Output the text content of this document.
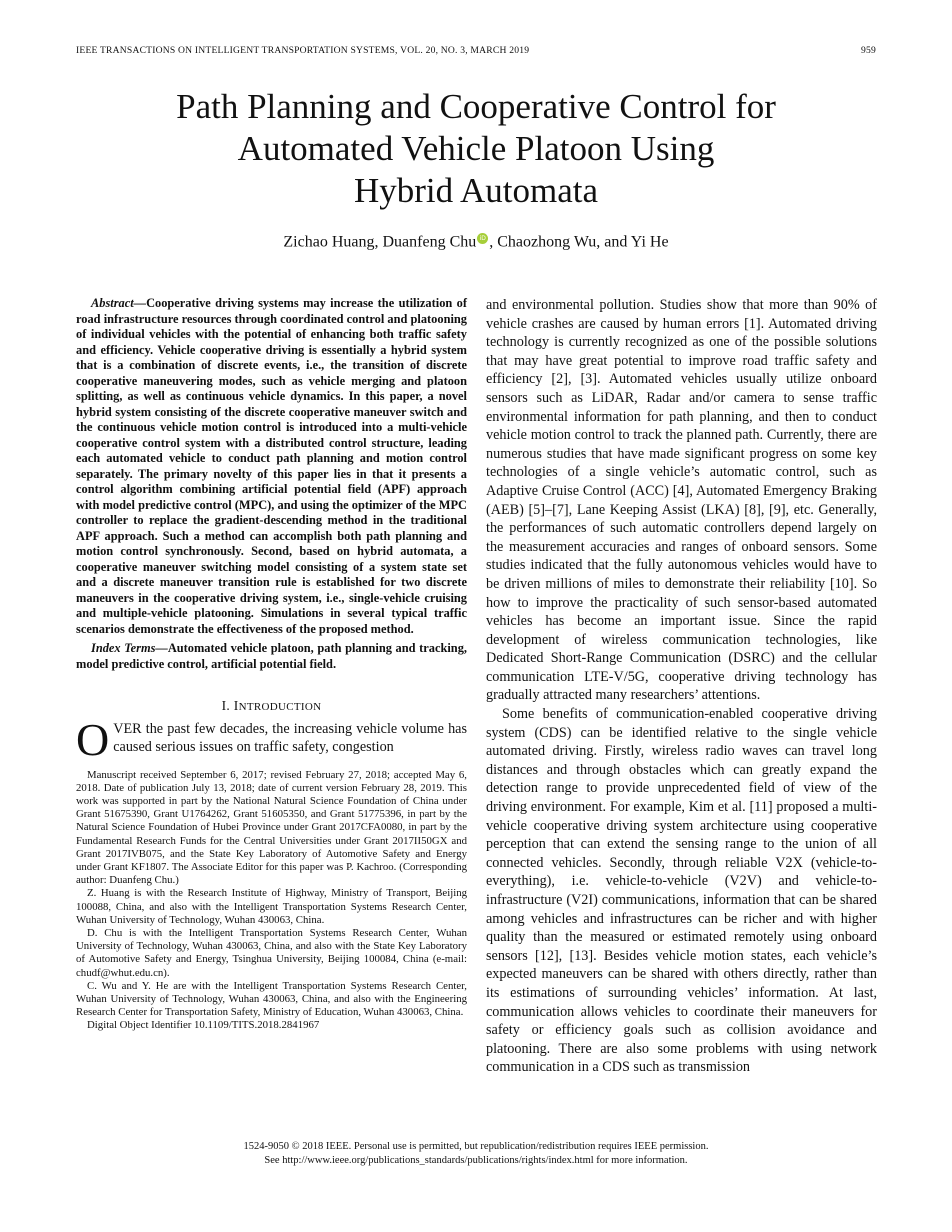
IEEE TRANSACTIONS ON INTELLIGENT TRANSPORTATION SYSTEMS, VOL. 20, NO. 3, MARCH 2019	959
Path Planning and Cooperative Control for
Automated Vehicle Platoon Using
Hybrid Automata
Zichao Huang, Duanfeng Chu iD , Chaozhong Wu, and Yi He

Abstract—Cooperative driving systems may increase the utilization of road infrastructure resources through coordinated control and platooning of individual vehicles with the potential of enhancing both traffic safety and efficiency. Vehicle cooperative driving is essentially a hybrid system that is a combination of discrete events, i.e., the transition of discrete cooperative maneuvering modes, such as vehicle merging and platoon splitting, as well as continuous vehicle dynamics. In this paper, a novel hybrid system consisting of the discrete cooperative maneuver switch and the continuous vehicle motion control is introduced into a multi-vehicle cooperative control system with a distributed control structure, leading each automated vehicle to conduct path planning and motion control separately. The primary novelty of this paper lies in that it presents a control algorithm combining artificial potential field (APF) approach with model predictive control (MPC), and using the optimizer of the MPC controller to replace the gradient-descending method in the traditional APF approach. Such a method can accomplish both path planning and motion control synchronously. Second, based on hybrid automata, a cooperative maneuver switching model consisting of a system state set and a discrete maneuver transition rule is established for two discrete maneuvers in the cooperative driving system, i.e., single-vehicle cruising and multiple-vehicle platooning. Simulations in several typical traffic scenarios demonstrate the effectiveness of the proposed method.

Index Terms—Automated vehicle platoon, path planning and tracking, model predictive control, artificial potential field.

I. INTRODUCTION

OVER the past few decades, the increasing vehicle volume has caused serious issues on traffic safety, congestion

Manuscript received September 6, 2017; revised February 27, 2018; accepted May 6, 2018. Date of publication July 13, 2018; date of current version February 28, 2019. This work was supported in part by the National Natural Science Foundation of China under Grant 51675390, Grant U1764262, Grant 51605350, and Grant 51775396, in part by the Natural Science Foundation of Hubei Province under Grant 2017CFA0080, in part by the Fundamental Research Funds for the Central Universities under Grant 2017II50GX and Grant 2017IVB075, and the State Key Laboratory of Automotive Safety and Energy under Grant KF1807. The Associate Editor for this paper was P. Kachroo. (Corresponding author: Duanfeng Chu.)

Z. Huang is with the Research Institute of Highway, Ministry of Transport, Beijing 100088, China, and also with the Intelligent Transportation Systems Research Center, Wuhan University of Technology, Wuhan 430063, China.

D. Chu is with the Intelligent Transportation Systems Research Center, Wuhan University of Technology, Wuhan 430063, China, and also with the State Key Laboratory of Automotive Safety and Energy, Tsinghua University, Beijing 100084, China (e-mail: chudf@whut.edu.cn).

C. Wu and Y. He are with the Intelligent Transportation Systems Research Center, Wuhan University of Technology, Wuhan 430063, China, and also with the Engineering Research Center for Transportation Safety, Ministry of Education, Wuhan 430063, China.

Digital Object Identifier 10.1109/TITS.2018.2841967

and environmental pollution. Studies show that more than 90% of vehicle crashes are caused by human errors [1]. Automated driving technology is currently recognized as one of the possible solutions that may have great potential to improve road traffic safety and efficiency [2], [3]. Automated vehicles usually utilize onboard sensors such as LiDAR, Radar and/or camera to sense traffic environmental information for path planning, and then to conduct vehicle motion control to track the planned path. Currently, there are numerous studies that have made significant progress on some key technologies of a single vehicle’s automatic control, such as Adaptive Cruise Control (ACC) [4], Automated Emergency Braking (AEB) [5]–[7], Lane Keeping Assist (LKA) [8], [9], etc. Generally, the performances of such automatic controllers depend largely on the measurement accuracies and ranges of onboard sensors. Some studies indicated that the fully autonomous vehicles would have to be driven millions of miles to demonstrate their reliability [10]. So how to improve the practicality of such sensor-based automated vehicles has become an important issue. Since the rapid development of wireless communication technologies, like Dedicated Short-Range Communication (DSRC) and the cellular communication LTE-V/5G, cooperative driving technology has gradually attracted many researchers’ attentions.

Some benefits of communication-enabled cooperative driving system (CDS) can be identified relative to the single vehicle automated driving. Firstly, wireless radio waves can travel long distances and through obstacles which can greatly expand the detection range to provide unprecedented field of view of the driving environment. For example, Kim et al. [11] proposed a multi-vehicle cooperative driving system architecture using cooperative perception that can extend the sensing range to the union of all connected vehicles. Secondly, through reliable V2X (vehicle-to-everything), i.e. vehicle-to-vehicle (V2V) and vehicle-to-infrastructure (V2I) communications, information that can be shared among vehicles and infrastructures can be richer and with higher quality than the measured or estimated remotely using onboard sensors [12], [13]. Besides vehicle motion states, each vehicle’s expected maneuvers can be shared with others directly, rather than its estimations of surrounding vehicles’ information. At last, communication allows vehicles to coordinate their maneuvers for safety or efficiency goals such as collision avoidance and platooning. There are also some problems with using network communication in a CDS such as transmission

1524-9050 © 2018 IEEE. Personal use is permitted, but republication/redistribution requires IEEE permission.
See http://www.ieee.org/publications_standards/publications/rights/index.html for more information.
